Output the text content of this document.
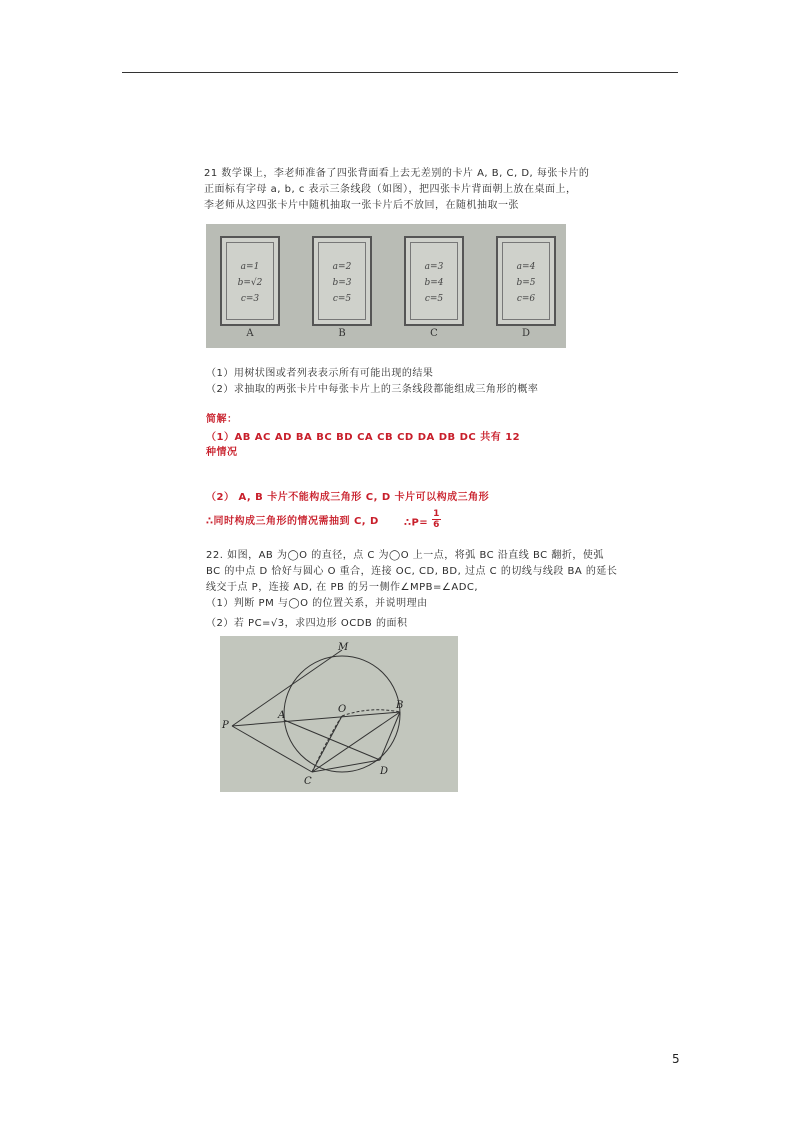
21 数学课上，李老师准备了四张背面看上去无差别的卡片 A, B, C, D, 每张卡片的
正面标有字母 a, b, c 表示三条线段（如图），把四张卡片背面朝上放在桌面上，
李老师从这四张卡片中随机抽取一张卡片后不放回，在随机抽取一张
a=1
b=√2
c=3
A
a=2
b=3
c=5
B
a=3
b=4
c=5
C
a=4
b=5
c=6
D
（1）用树状图或者列表表示所有可能出现的结果
（2）求抽取的两张卡片中每张卡片上的三条线段都能组成三角形的概率
简解：
（1）AB AC AD BA BC BD CA CB CD DA DB DC 共有 12
种情况
（2） A, B 卡片不能构成三角形 C, D 卡片可以构成三角形
∴同时构成三角形的情况需抽到 C, D	∴P= $\frac{1}{6}$
22. 如图，AB 为◯O 的直径，点 C 为◯O 上一点，将弧 BC 沿直线 BC 翻折，使弧
BC 的中点 D 恰好与圆心 O 重合，连接 OC, CD, BD, 过点 C 的切线与线段 BA 的延长
线交于点 P，连接 AD, 在 PB 的另一侧作∠MPB=∠ADC,
（1）判断 PM 与◯O 的位置关系，并说明理由
（2）若 PC=√3，求四边形 OCDB 的面积
M
P
A
O	B
C
D
5
